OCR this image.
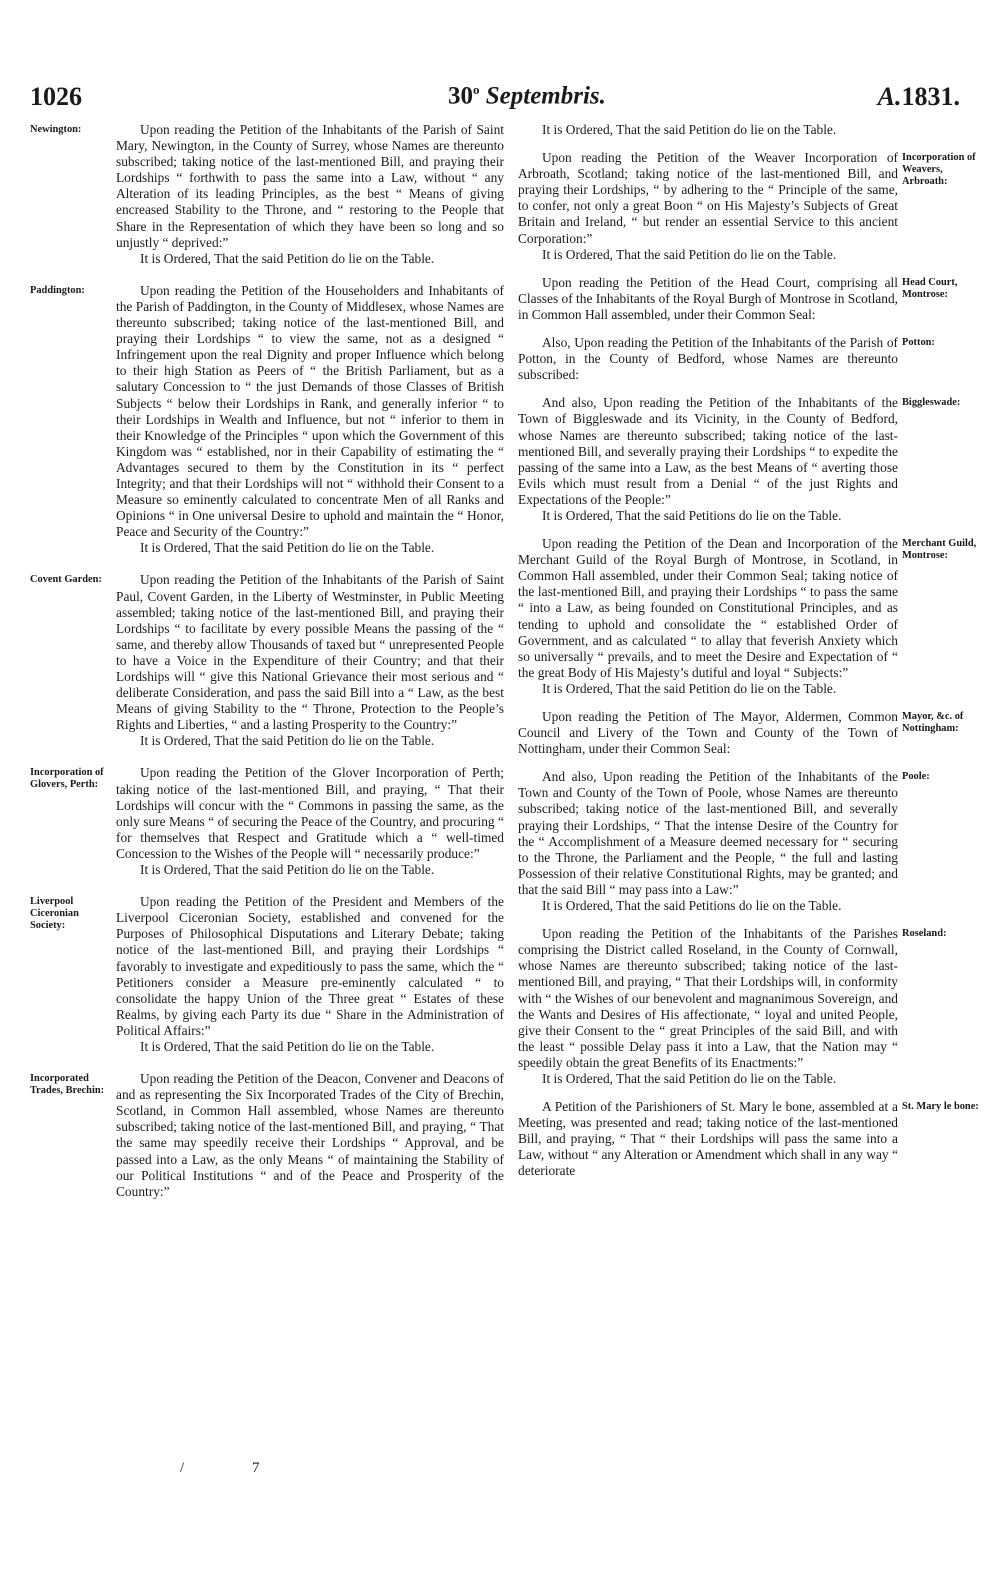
1026	30$^o$ Septembris.	A.1831.
Newington:	Upon reading the Petition of the Inhabitants of the Parish of Saint Mary, Newington, in the County of Surrey, whose Names are thereunto subscribed; taking notice of the last-mentioned Bill, and praying their Lordships “ forthwith to pass the same into a Law, without “ any Alteration of its leading Principles, as the best “ Means of giving encreased Stability to the Throne, and “ restoring to the People that Share in the Representation of which they have been so long and so unjustly “ deprived:”

It is Ordered, That the said Petition do lie on the Table.

Paddington:	Upon reading the Petition of the Householders and Inhabitants of the Parish of Paddington, in the County of Middlesex, whose Names are thereunto subscribed; taking notice of the last-mentioned Bill, and praying their Lordships “ to view the same, not as a designed “ Infringement upon the real Dignity and proper Influence which belong to their high Station as Peers of “ the British Parliament, but as a salutary Concession to “ the just Demands of those Classes of British Subjects “ below their Lordships in Rank, and generally inferior “ to their Lordships in Wealth and Influence, but not “ inferior to them in their Knowledge of the Principles “ upon which the Government of this Kingdom was “ established, nor in their Capability of estimating the “ Advantages secured to them by the Constitution in its “ perfect Integrity; and that their Lordships will not “ withhold their Consent to a Measure so eminently calculated to concentrate Men of all Ranks and Opinions “ in One universal Desire to uphold and maintain the “ Honor, Peace and Security of the Country:”

It is Ordered, That the said Petition do lie on the Table.

Covent Garden:	Upon reading the Petition of the Inhabitants of the Parish of Saint Paul, Covent Garden, in the Liberty of Westminster, in Public Meeting assembled; taking notice of the last-mentioned Bill, and praying their Lordships “ to facilitate by every possible Means the passing of the “ same, and thereby allow Thousands of taxed but “ unrepresented People to have a Voice in the Expenditure of their Country; and that their Lordships will “ give this National Grievance their most serious and “ deliberate Consideration, and pass the said Bill into a “ Law, as the best Means of giving Stability to the “ Throne, Protection to the People’s Rights and Liberties, “ and a lasting Prosperity to the Country:”

It is Ordered, That the said Petition do lie on the Table.

Incorporation of Glovers, Perth:

Upon reading the Petition of the Glover Incorporation of Perth; taking notice of the last-mentioned Bill, and praying, “ That their Lordships will concur with the “ Commons in passing the same, as the only sure Means “ of securing the Peace of the Country, and procuring “ for themselves that Respect and Gratitude which a “ well-timed Concession to the Wishes of the People will “ necessarily produce:”

It is Ordered, That the said Petition do lie on the Table.

Liverpool Ciceronian Society:

Upon reading the Petition of the President and Members of the Liverpool Ciceronian Society, established and convened for the Purposes of Philosophical Disputations and Literary Debate; taking notice of the last-mentioned Bill, and praying their Lordships “ favorably to investigate and expeditiously to pass the same, which the “ Petitioners consider a Measure pre-eminently calculated “ to consolidate the happy Union of the Three great “ Estates of these Realms, by giving each Party its due “ Share in the Administration of Political Affairs:”

It is Ordered, That the said Petition do lie on the Table.

Incorporated Trades, Brechin:

Upon reading the Petition of the Deacon, Convener and Deacons of and as representing the Six Incorporated Trades of the City of Brechin, Scotland, in Common Hall assembled, whose Names are thereunto subscribed; taking notice of the last-mentioned Bill, and praying, “ That the same may speedily receive their Lordships “ Approval, and be passed into a Law, as the only Means “ of maintaining the Stability of our Political Institutions “ and of the Peace and Prosperity of the Country:”

It is Ordered, That the said Petition do lie on the Table.

Incorporation of Weavers, Arbroath:

Upon reading the Petition of the Weaver Incorporation of Arbroath, Scotland; taking notice of the last-mentioned Bill, and praying their Lordships, “ by adhering to the “ Principle of the same, to confer, not only a great Boon “ on His Majesty’s Subjects of Great Britain and Ireland, “ but render an essential Service to this ancient Corporation:”

It is Ordered, That the said Petition do lie on the Table.

Head Court, Montrose:

Upon reading the Petition of the Head Court, comprising all Classes of the Inhabitants of the Royal Burgh of Montrose in Scotland, in Common Hall assembled, under their Common Seal:

Potton:

Also, Upon reading the Petition of the Inhabitants of the Parish of Potton, in the County of Bedford, whose Names are thereunto subscribed:

Biggleswade:

And also, Upon reading the Petition of the Inhabitants of the Town of Biggleswade and its Vicinity, in the County of Bedford, whose Names are thereunto subscribed; taking notice of the last-mentioned Bill, and severally praying their Lordships “ to expedite the passing of the same into a Law, as the best Means of “ averting those Evils which must result from a Denial “ of the just Rights and Expectations of the People:”

It is Ordered, That the said Petitions do lie on the Table.

Merchant Guild, Montrose:

Upon reading the Petition of the Dean and Incorporation of the Merchant Guild of the Royal Burgh of Montrose, in Scotland, in Common Hall assembled, under their Common Seal; taking notice of the last-mentioned Bill, and praying their Lordships “ to pass the same “ into a Law, as being founded on Constitutional Principles, and as tending to uphold and consolidate the “ established Order of Government, and as calculated “ to allay that feverish Anxiety which so universally “ prevails, and to meet the Desire and Expectation of “ the great Body of His Majesty’s dutiful and loyal “ Subjects:”

It is Ordered, That the said Petition do lie on the Table.

Mayor, &c. of Nottingham:

Upon reading the Petition of The Mayor, Aldermen, Common Council and Livery of the Town and County of the Town of Nottingham, under their Common Seal:

Poole:

And also, Upon reading the Petition of the Inhabitants of the Town and County of the Town of Poole, whose Names are thereunto subscribed; taking notice of the last-mentioned Bill, and severally praying their Lordships, “ That the intense Desire of the Country for the “ Accomplishment of a Measure deemed necessary for “ securing to the Throne, the Parliament and the People, “ the full and lasting Possession of their relative Constitutional Rights, may be granted; and that the said Bill “ may pass into a Law:”

It is Ordered, That the said Petitions do lie on the Table.

Roseland:

Upon reading the Petition of the Inhabitants of the Parishes comprising the District called Roseland, in the County of Cornwall, whose Names are thereunto subscribed; taking notice of the last-mentioned Bill, and praying, “ That their Lordships will, in conformity with “ the Wishes of our benevolent and magnanimous Sovereign, and the Wants and Desires of His affectionate, “ loyal and united People, give their Consent to the “ great Principles of the said Bill, and with the least “ possible Delay pass it into a Law, that the Nation may “ speedily obtain the great Benefits of its Enactments:”

It is Ordered, That the said Petition do lie on the Table.

St. Mary le bone:

A Petition of the Parishioners of St. Mary le bone, assembled at a Meeting, was presented and read; taking notice of the last-mentioned Bill, and praying, “ That “ their Lordships will pass the same into a Law, without “ any Alteration or Amendment which shall in any way “ deteriorate

/	7
